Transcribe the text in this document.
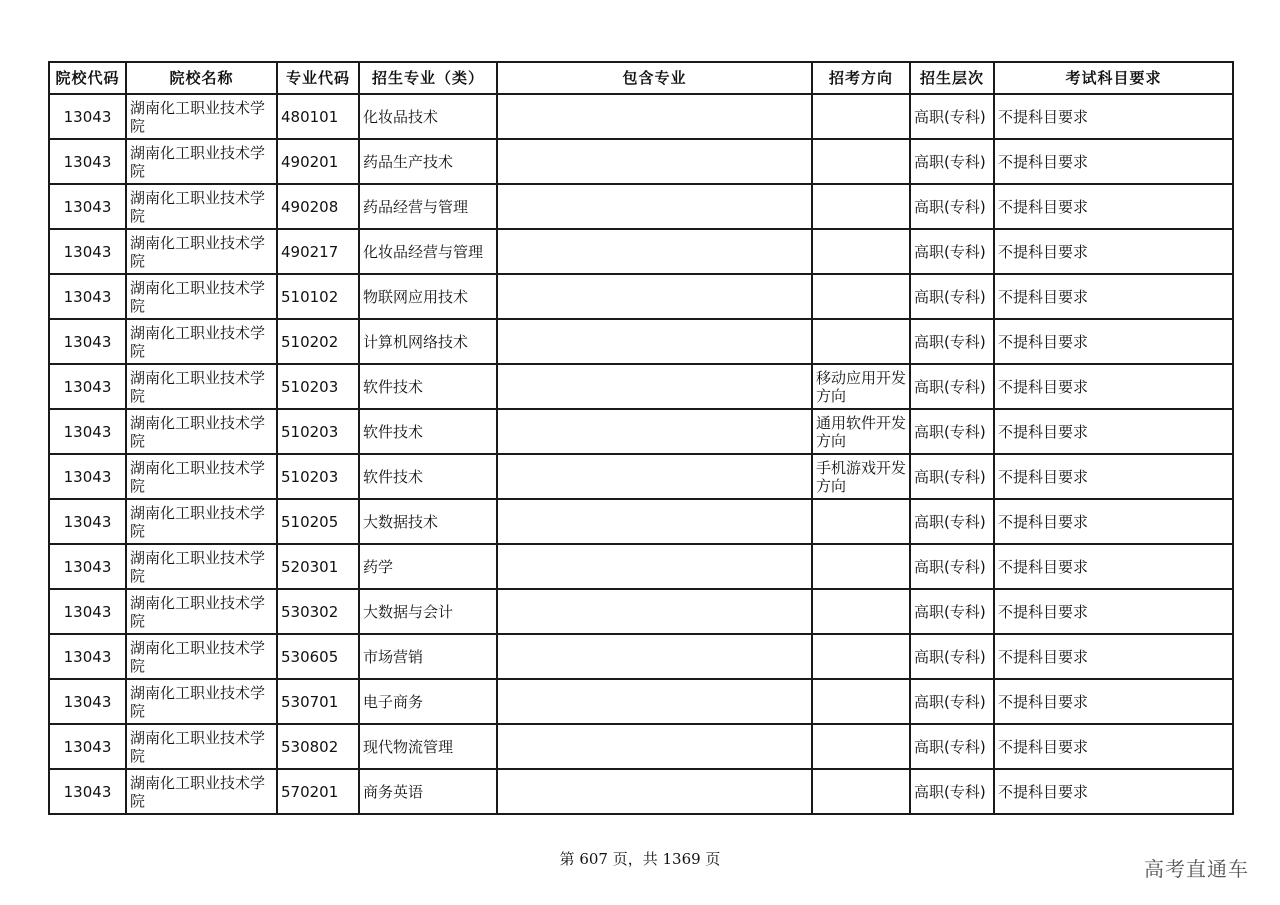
院校代码	院校名称	专业代码	招生专业（类）	包含专业	招考方向	招生层次	考试科目要求
13043	湖南化工职业技术学院	480101	化妆品技术			高职(专科)	不提科目要求
13043	湖南化工职业技术学院	490201	药品生产技术			高职(专科)	不提科目要求
13043	湖南化工职业技术学院	490208	药品经营与管理			高职(专科)	不提科目要求
13043	湖南化工职业技术学院	490217	化妆品经营与管理			高职(专科)	不提科目要求
13043	湖南化工职业技术学院	510102	物联网应用技术			高职(专科)	不提科目要求
13043	湖南化工职业技术学院	510202	计算机网络技术			高职(专科)	不提科目要求
13043	湖南化工职业技术学院	510203	软件技术		移动应用开发方向	高职(专科)	不提科目要求
13043	湖南化工职业技术学院	510203	软件技术		通用软件开发方向	高职(专科)	不提科目要求
13043	湖南化工职业技术学院	510203	软件技术		手机游戏开发方向	高职(专科)	不提科目要求
13043	湖南化工职业技术学院	510205	大数据技术			高职(专科)	不提科目要求
13043	湖南化工职业技术学院	520301	药学			高职(专科)	不提科目要求
13043	湖南化工职业技术学院	530302	大数据与会计			高职(专科)	不提科目要求
13043	湖南化工职业技术学院	530605	市场营销			高职(专科)	不提科目要求
13043	湖南化工职业技术学院	530701	电子商务			高职(专科)	不提科目要求
13043	湖南化工职业技术学院	530802	现代物流管理			高职(专科)	不提科目要求
13043	湖南化工职业技术学院	570201	商务英语			高职(专科)	不提科目要求
第 607 页，共 1369 页	高考直通车
